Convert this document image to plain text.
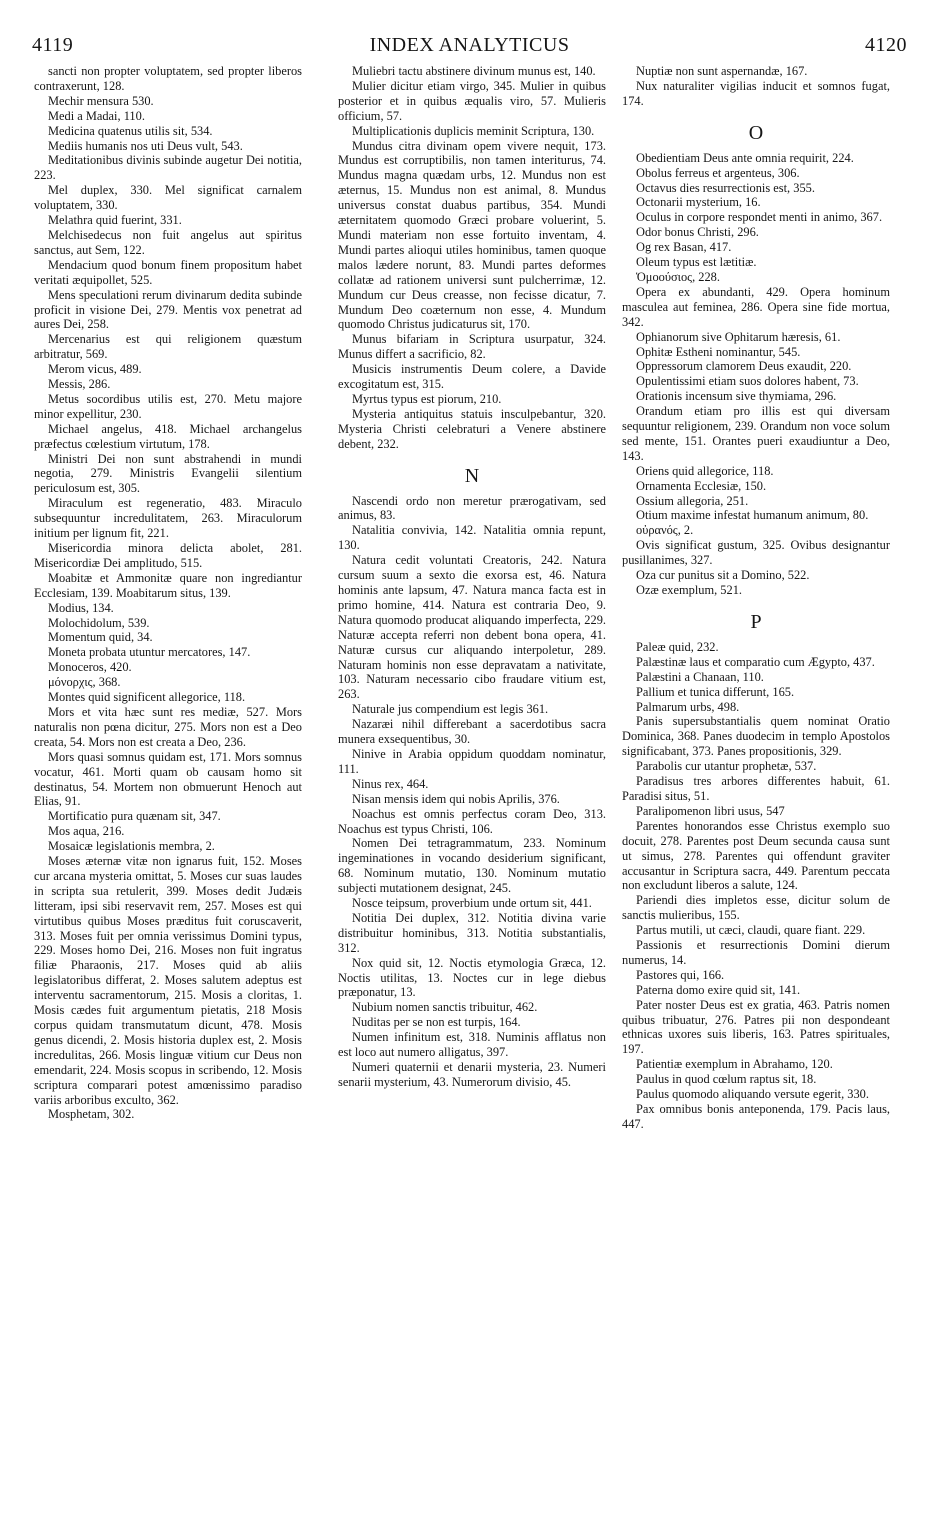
4119	INDEX ANALYTICUS	4120

sancti non propter voluptatem, sed propter liberos contraxerunt, 128.

Mechir mensura 530.

Medi a Madai, 110.

Medicina quatenus utilis sit, 534.

Mediis humanis nos uti Deus vult, 543.

Meditationibus divinis subinde augetur Dei notitia, 223.

Mel duplex, 330. Mel significat carnalem voluptatem, 330.

Melathra quid fuerint, 331.

Melchisedecus non fuit angelus aut spiritus sanctus, aut Sem, 122.

Mendacium quod bonum finem propositum habet veritati æquipollet, 525.

Mens speculationi rerum divinarum dedita subinde proficit in visione Dei, 279. Mentis vox penetrat ad aures Dei, 258.

Mercenarius est qui religionem quæstum arbitratur, 569.

Merom vicus, 489.

Messis, 286.

Metus socordibus utilis est, 270. Metu majore minor expellitur, 230.

Michael angelus, 418. Michael archangelus præfectus cœlestium virtutum, 178.

Ministri Dei non sunt abstrahendi in mundi negotia, 279. Ministris Evangelii silentium periculosum est, 305.

Miraculum est regeneratio, 483. Miraculo subsequuntur incredulitatem, 263. Miraculorum initium per lignum fit, 221.

Misericordia minora delicta abolet, 281. Misericordiæ Dei amplitudo, 515.

Moabitæ et Ammonitæ quare non ingrediantur Ecclesiam, 139. Moabitarum situs, 139.

Modius, 134.

Molochidolum, 539.

Momentum quid, 34.

Moneta probata utuntur mercatores, 147.

Monoceros, 420.

μόνορχις, 368.

Montes quid significent allegorice, 118.

Mors et vita hæc sunt res mediæ, 527. Mors naturalis non pœna dicitur, 275. Mors non est a Deo creata, 54. Mors non est creata a Deo, 236.

Mors quasi somnus quidam est, 171. Mors somnus vocatur, 461. Morti quam ob causam homo sit destinatus, 54. Mortem non obmuerunt Henoch aut Elias, 91.

Mortificatio pura quænam sit, 347.

Mos aqua, 216.

Mosaicæ legislationis membra, 2.

Moses æternæ vitæ non ignarus fuit, 152. Moses cur arcana mysteria omittat, 5. Moses cur suas laudes in scripta sua retulerit, 399. Moses dedit Judæis litteram, ipsi sibi reservavit rem, 257. Moses est qui virtutibus quibus Moses præditus fuit coruscaverit, 313. Moses fuit per omnia verissimus Domini typus, 229. Moses homo Dei, 216. Moses non fuit ingratus filiæ Pharaonis, 217. Moses quid ab aliis legislatoribus differat, 2. Moses salutem adeptus est interventu sacramentorum, 215. Mosis a cloritas, 1. Mosis cædes fuit argumentum pietatis, 218 Mosis corpus quidam transmutatum dicunt, 478. Mosis genus dicendi, 2. Mosis historia duplex est, 2. Mosis incredulitas, 266. Mosis linguæ vitium cur Deus non emendarit, 224. Mosis scopus in scribendo, 12. Mosis scriptura comparari potest amœnissimo paradiso variis arboribus exculto, 362.

Mosphetam, 302.

Muliebri tactu abstinere divinum munus est, 140.

Mulier dicitur etiam virgo, 345. Mulier in quibus posterior et in quibus æqualis viro, 57. Mulieris officium, 57.

Multiplicationis duplicis meminit Scriptura, 130.

Mundus citra divinam opem vivere nequit, 173. Mundus est corruptibilis, non tamen interiturus, 74. Mundus magna quædam urbs, 12. Mundus non est æternus, 15. Mundus non est animal, 8. Mundus universus constat duabus partibus, 354. Mundi æternitatem quomodo Græci probare voluerint, 5. Mundi materiam non esse fortuito inventam, 4. Mundi partes alioqui utiles hominibus, tamen quoque malos lædere norunt, 83. Mundi partes deformes collatæ ad rationem universi sunt pulcherrimæ, 12. Mundum cur Deus creasse, non fecisse dicatur, 7. Mundum Deo coæternum non esse, 4. Mundum quomodo Christus judicaturus sit, 170.

Munus bifariam in Scriptura usurpatur, 324. Munus differt a sacrificio, 82.

Musicis instrumentis Deum colere, a Davide excogitatum est, 315.

Myrtus typus est piorum, 210.

Mysteria antiquitus statuis insculpebantur, 320. Mysteria Christi celebraturi a Venere abstinere debent, 232.

N

Nascendi ordo non meretur prærogativam, sed animus, 83.

Natalitia convivia, 142. Natalitia omnia repunt, 130.

Natura cedit voluntati Creatoris, 242. Natura cursum suum a sexto die exorsa est, 46. Natura hominis ante lapsum, 47. Natura manca facta est in primo homine, 414. Natura est contraria Deo, 9. Natura quomodo producat aliquando imperfecta, 229. Naturæ accepta referri non debent bona opera, 41. Naturæ cursus cur aliquando interpoletur, 289. Naturam hominis non esse depravatam a nativitate, 103. Naturam necessario cibo fraudare vitium est, 263.

Naturale jus compendium est legis 361.

Nazaræi nihil differebant a sacerdotibus sacra munera exsequentibus, 30.

Ninive in Arabia oppidum quoddam nominatur, 111.

Ninus rex, 464.

Nisan mensis idem qui nobis Aprilis, 376.

Noachus est omnis perfectus coram Deo, 313. Noachus est typus Christi, 106.

Nomen Dei tetragrammatum, 233. Nominum ingeminationes in vocando desiderium significant, 68. Nominum mutatio, 130. Nominum mutatio subjecti mutationem designat, 245.

Nosce teipsum, proverbium unde ortum sit, 441.

Notitia Dei duplex, 312. Notitia divina varie distribuitur hominibus, 313. Notitia substantialis, 312.

Nox quid sit, 12. Noctis etymologia Græca, 12. Noctis utilitas, 13. Noctes cur in lege diebus præponatur, 13.

Nubium nomen sanctis tribuitur, 462.

Nuditas per se non est turpis, 164.

Numen infinitum est, 318. Numinis afflatus non est loco aut numero alligatus, 397.

Numeri quaternii et denarii mysteria, 23. Numeri senarii mysterium, 43. Numerorum divisio, 45.

Nuptiæ non sunt aspernandæ, 167.

Nux naturaliter vigilias inducit et somnos fugat, 174.

O

Obedientiam Deus ante omnia requirit, 224.

Obolus ferreus et argenteus, 306.

Octavus dies resurrectionis est, 355.

Octonarii mysterium, 16.

Oculus in corpore respondet menti in animo, 367.

Odor bonus Christi, 296.

Og rex Basan, 417.

Oleum typus est lætitiæ.

Ὁμοούσιος, 228.

Opera ex abundanti, 429. Opera hominum masculea aut feminea, 286. Opera sine fide mortua, 342.

Ophianorum sive Ophitarum hæresis, 61.

Ophitæ Estheni nominantur, 545.

Oppressorum clamorem Deus exaudit, 220.

Opulentissimi etiam suos dolores habent, 73.

Orationis incensum sive thymiama, 296.

Orandum etiam pro illis est qui diversam sequuntur religionem, 239. Orandum non voce solum sed mente, 151. Orantes pueri exaudiuntur a Deo, 143.

Oriens quid allegorice, 118.

Ornamenta Ecclesiæ, 150.

Ossium allegoria, 251.

Otium maxime infestat humanum animum, 80.

οὐρανός, 2.

Ovis significat gustum, 325. Ovibus designantur pusillanimes, 327.

Oza cur punitus sit a Domino, 522.

Ozæ exemplum, 521.

P

Paleæ quid, 232.

Palæstinæ laus et comparatio cum Ægypto, 437.

Palæstini a Chanaan, 110.

Pallium et tunica differunt, 165.

Palmarum urbs, 498.

Panis supersubstantialis quem nominat Oratio Dominica, 368. Panes duodecim in templo Apostolos significabant, 373. Panes propositionis, 329.

Parabolis cur utantur prophetæ, 537.

Paradisus tres arbores differentes habuit, 61. Paradisi situs, 51.

Paralipomenon libri usus, 547

Parentes honorandos esse Christus exemplo suo docuit, 278. Parentes post Deum secunda causa sunt ut simus, 278. Parentes qui offendunt graviter accusantur in Scriptura sacra, 449. Parentum peccata non excludunt liberos a salute, 124.

Pariendi dies impletos esse, dicitur solum de sanctis mulieribus, 155.

Partus mutili, ut cæci, claudi, quare fiant. 229.

Passionis et resurrectionis Domini dierum numerus, 14.

Pastores qui, 166.

Paterna domo exire quid sit, 141.

Pater noster Deus est ex gratia, 463. Patris nomen quibus tribuatur, 276. Patres pii non despondeant ethnicas uxores suis liberis, 163. Patres spirituales, 197.

Patientiæ exemplum in Abrahamo, 120.

Paulus in quod cœlum raptus sit, 18.

Paulus quomodo aliquando versute egerit, 330.

Pax omnibus bonis anteponenda, 179. Pacis laus, 447.
